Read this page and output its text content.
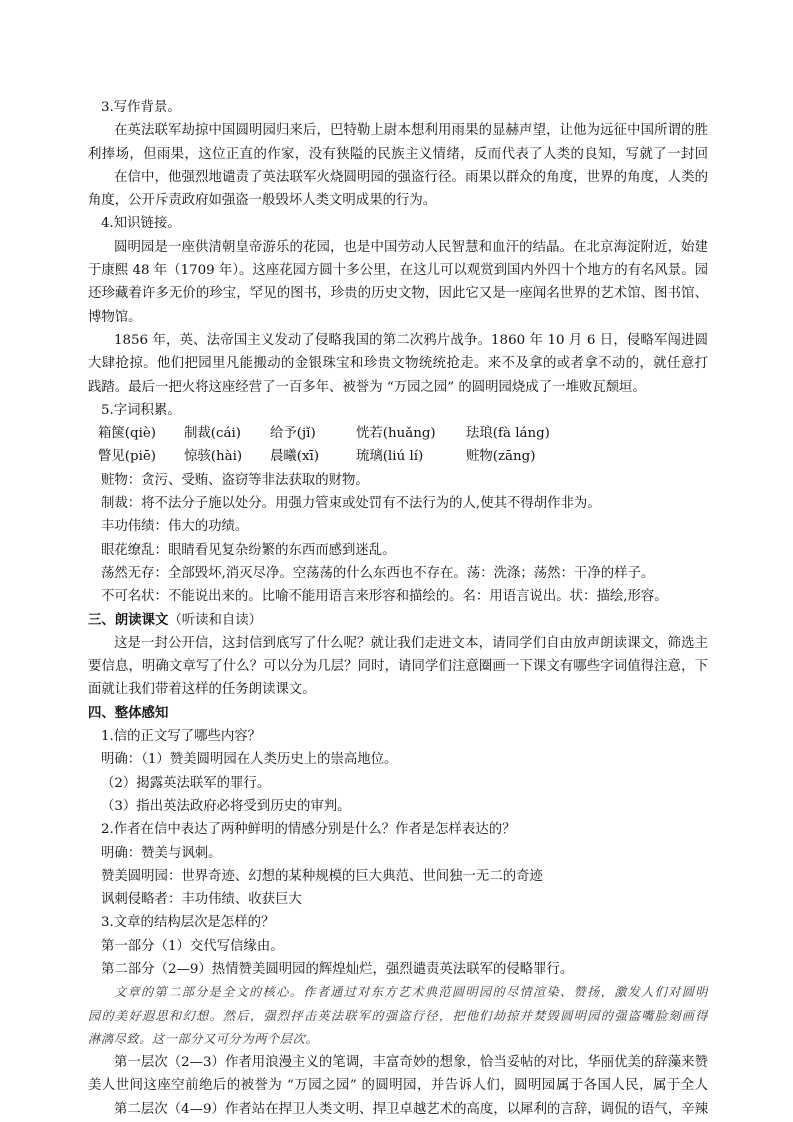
3.写作背景。
在英法联军劫掠中国圆明园归来后，巴特勒上尉本想利用雨果的显赫声望，让他为远征中国所谓的胜
利捧场，但雨果，这位正直的作家，没有狭隘的民族主义情绪，反而代表了人类的良知，写就了一封回
在信中，他强烈地谴责了英法联军火烧圆明园的强盗行径。雨果以群众的角度，世界的角度，人类的
角度，公开斥责政府如强盗一般毁坏人类文明成果的行为。
4.知识链接。
圆明园是一座供清朝皇帝游乐的花园，也是中国劳动人民智慧和血汗的结晶。在北京海淀附近，始建
于康熙 48 年（1709 年）。这座花园方圆十多公里，在这儿可以观赏到国内外四十个地方的有名风景。园
还珍藏着许多无价的珍宝，罕见的图书，珍贵的历史文物，因此它又是一座闻名世界的艺术馆、图书馆、
博物馆。
1856 年，英、法帝国主义发动了侵略我国的第二次鸦片战争。1860 年 10 月 6 日，侵略军闯进圆
大肆抢掠。他们把园里凡能搬动的金银珠宝和珍贵文物统统抢走。来不及拿的或者拿不动的，就任意打
践踏。最后一把火将这座经营了一百多年、被誉为 “万园之园” 的圆明园烧成了一堆败瓦颓垣。
5.字词积累。
箱箧(qiè)	制裁(cái)	给予(jǐ)	恍若(huǎng)	珐琅(fà láng)
瞥见(piē)	惊骇(hài)	晨曦(xī)	琉璃(liú lí)	赃物(zāng)
赃物：贪污、受贿、盗窃等非法获取的财物。
制裁：将不法分子施以处分。用强力管束或处罚有不法行为的人,使其不得胡作非为。
丰功伟绩：伟大的功绩。
眼花缭乱：眼睛看见复杂纷繁的东西而感到迷乱。
荡然无存：全部毁坏,消灭尽净。空荡荡的什么东西也不存在。荡：洗涤；荡然：干净的样子。
不可名状：不能说出来的。比喻不能用语言来形容和描绘的。名：用语言说出。状：描绘,形容。
三、朗读课文（听读和自读）
这是一封公开信，这封信到底写了什么呢？就让我们走进文本，请同学们自由放声朗读课文，筛选主
要信息，明确文章写了什么？可以分为几层？同时，请同学们注意圈画一下课文有哪些字词值得注意，下
面就让我们带着这样的任务朗读课文。
四、整体感知
1.信的正文写了哪些内容？
明确：（1）赞美圆明园在人类历史上的崇高地位。
（2）揭露英法联军的罪行。
（3）指出英法政府必将受到历史的审判。
2.作者在信中表达了两种鲜明的情感分别是什么？作者是怎样表达的？
明确：赞美与讽刺。
赞美圆明园：世界奇迹、幻想的某种规模的巨大典范、世间独一无二的奇迹
讽刺侵略者：丰功伟绩、收获巨大
3.文章的结构层次是怎样的？
第一部分（1）交代写信缘由。
第二部分（2—9）热情赞美圆明园的辉煌灿烂，强烈谴责英法联军的侵略罪行。
文章的第二部分是全文的核心。作者通过对东方艺术典范圆明园的尽情渲染、赞扬，激发人们对圆明
园的美好遐思和幻想。然后，强烈抨击英法联军的强盗行径，把他们劫掠并焚毁圆明园的强盗嘴脸刻画得
淋漓尽致。这一部分又可分为两个层次。
第一层次（2—3）作者用浪漫主义的笔调，丰富奇妙的想象，恰当妥帖的对比，华丽优美的辞藻来赞
美人世间这座空前绝后的被誉为 “万园之园” 的圆明园，并告诉人们，圆明园属于各国人民，属于全人
第二层次（4—9）作者站在捍卫人类文明、捍卫卓越艺术的高度，以犀利的言辞，调侃的语气，辛辣
